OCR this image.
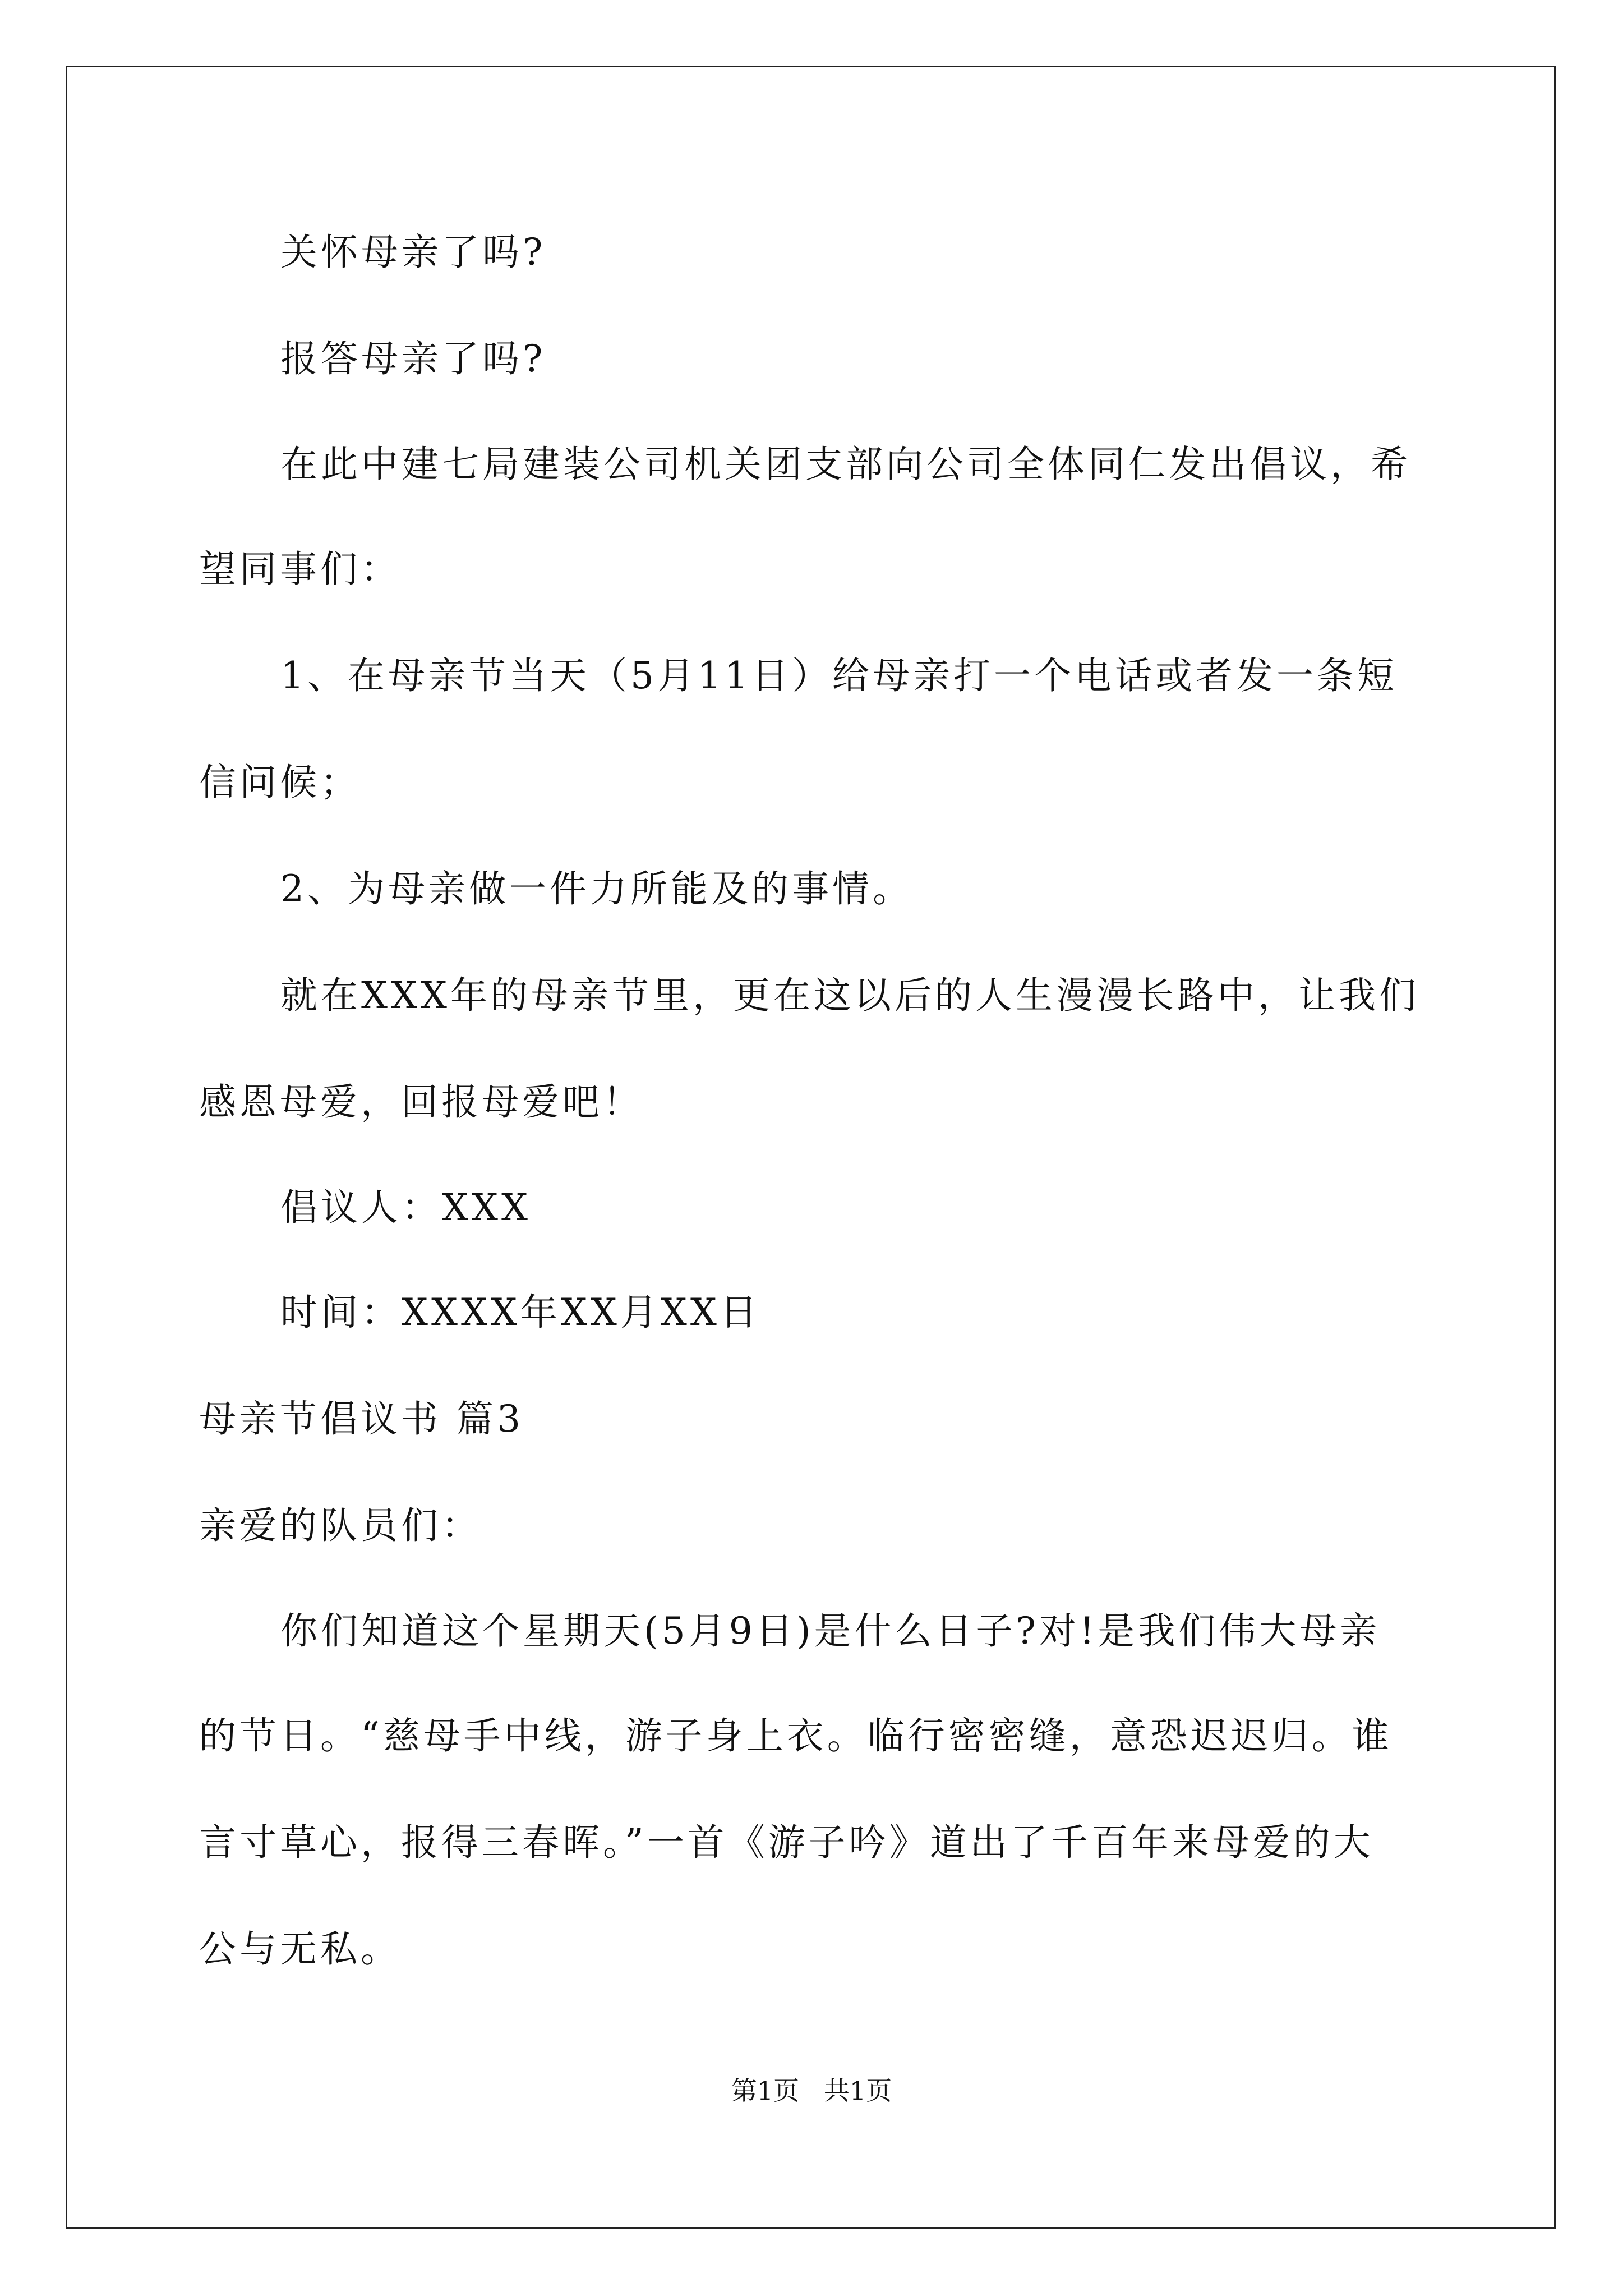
关怀母亲了吗?
报答母亲了吗?
在此中建七局建装公司机关团支部向公司全体同仁发出倡议，希
望同事们：
1、在母亲节当天（5月11日）给母亲打一个电话或者发一条短
信问候；
2、为母亲做一件力所能及的事情。
就在XXX年的母亲节里，更在这以后的人生漫漫长路中，让我们
感恩母爱，回报母爱吧！
倡议人：XXX
时间：XXXX年XX月XX日
母亲节倡议书 篇3
亲爱的队员们：
你们知道这个星期天(5月9日)是什么日子?对!是我们伟大母亲
的节日。“慈母手中线，游子身上衣。临行密密缝，意恐迟迟归。谁
言寸草心，报得三春晖。”一首《游子吟》道出了千百年来母爱的大
公与无私。
第1页   共1页
